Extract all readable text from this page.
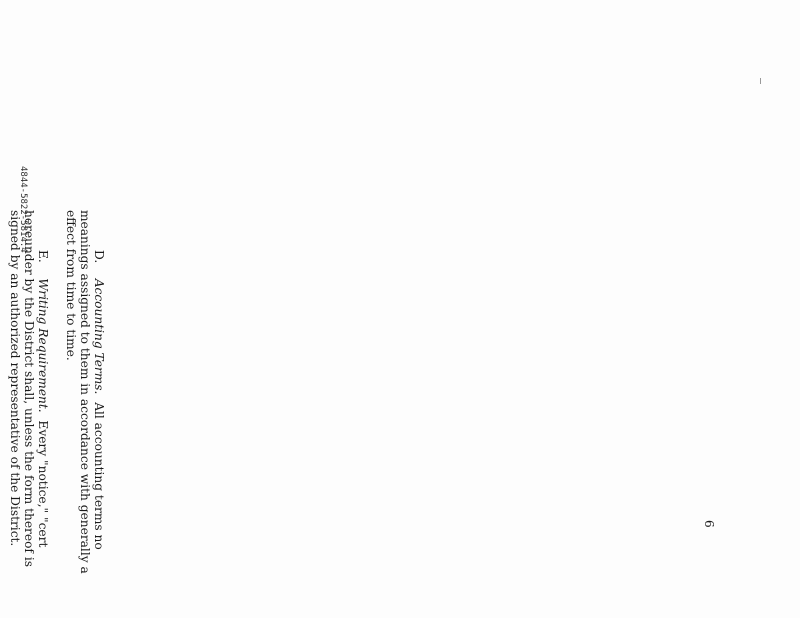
D.    Accounting Terms.  All accounting terms no
meanings assigned to them in accordance with generally a
effect from time to time.

E.    Writing Requirement.  Every "notice," "cert
hereunder by the District shall, unless the form thereof is
signed by an authorized representative of the District.

4844-5822-5814.4
6
